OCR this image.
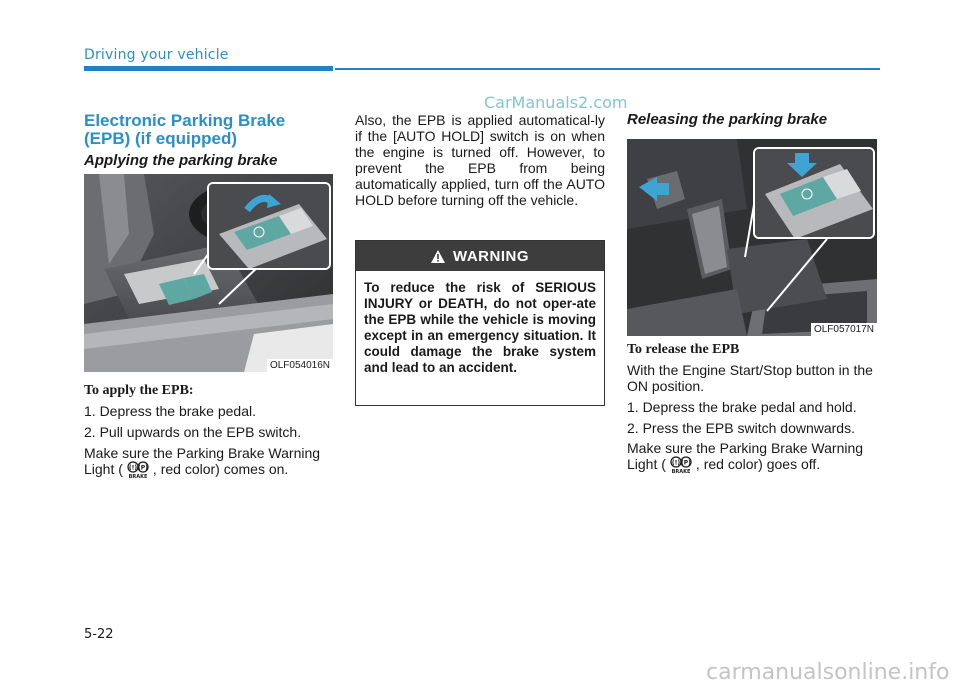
Driving your vehicle
CarManuals2.com
Electronic Parking Brake (EPB) (if equipped)
Applying the parking brake
OLF054016N
To apply the EPB:
1. Depress the brake pedal.
2. Pull upwards on the EPB switch.
Make sure the Parking Brake Warning Light ( (!) (P)
BRAKE , red color) comes on.
Also, the EPB is applied automatical-ly if the [AUTO HOLD] switch is on when the engine is turned off. However, to prevent the EPB from being automatically applied, turn off the AUTO HOLD before turning off the vehicle.
WARNING
To reduce the risk of SERIOUS INJURY or DEATH, do not oper-ate the EPB while the vehicle is moving except in an emergency situation. It could damage the brake system and lead to an accident.
Releasing the parking brake
OLF057017N
To release the EPB
With the Engine Start/Stop button in the ON position.
1. Depress the brake pedal and hold.
2. Press the EPB switch downwards.
Make sure the Parking Brake Warning Light ( (!) (P)
BRAKE , red color) goes off.
5-22
carmanualsonline.info
